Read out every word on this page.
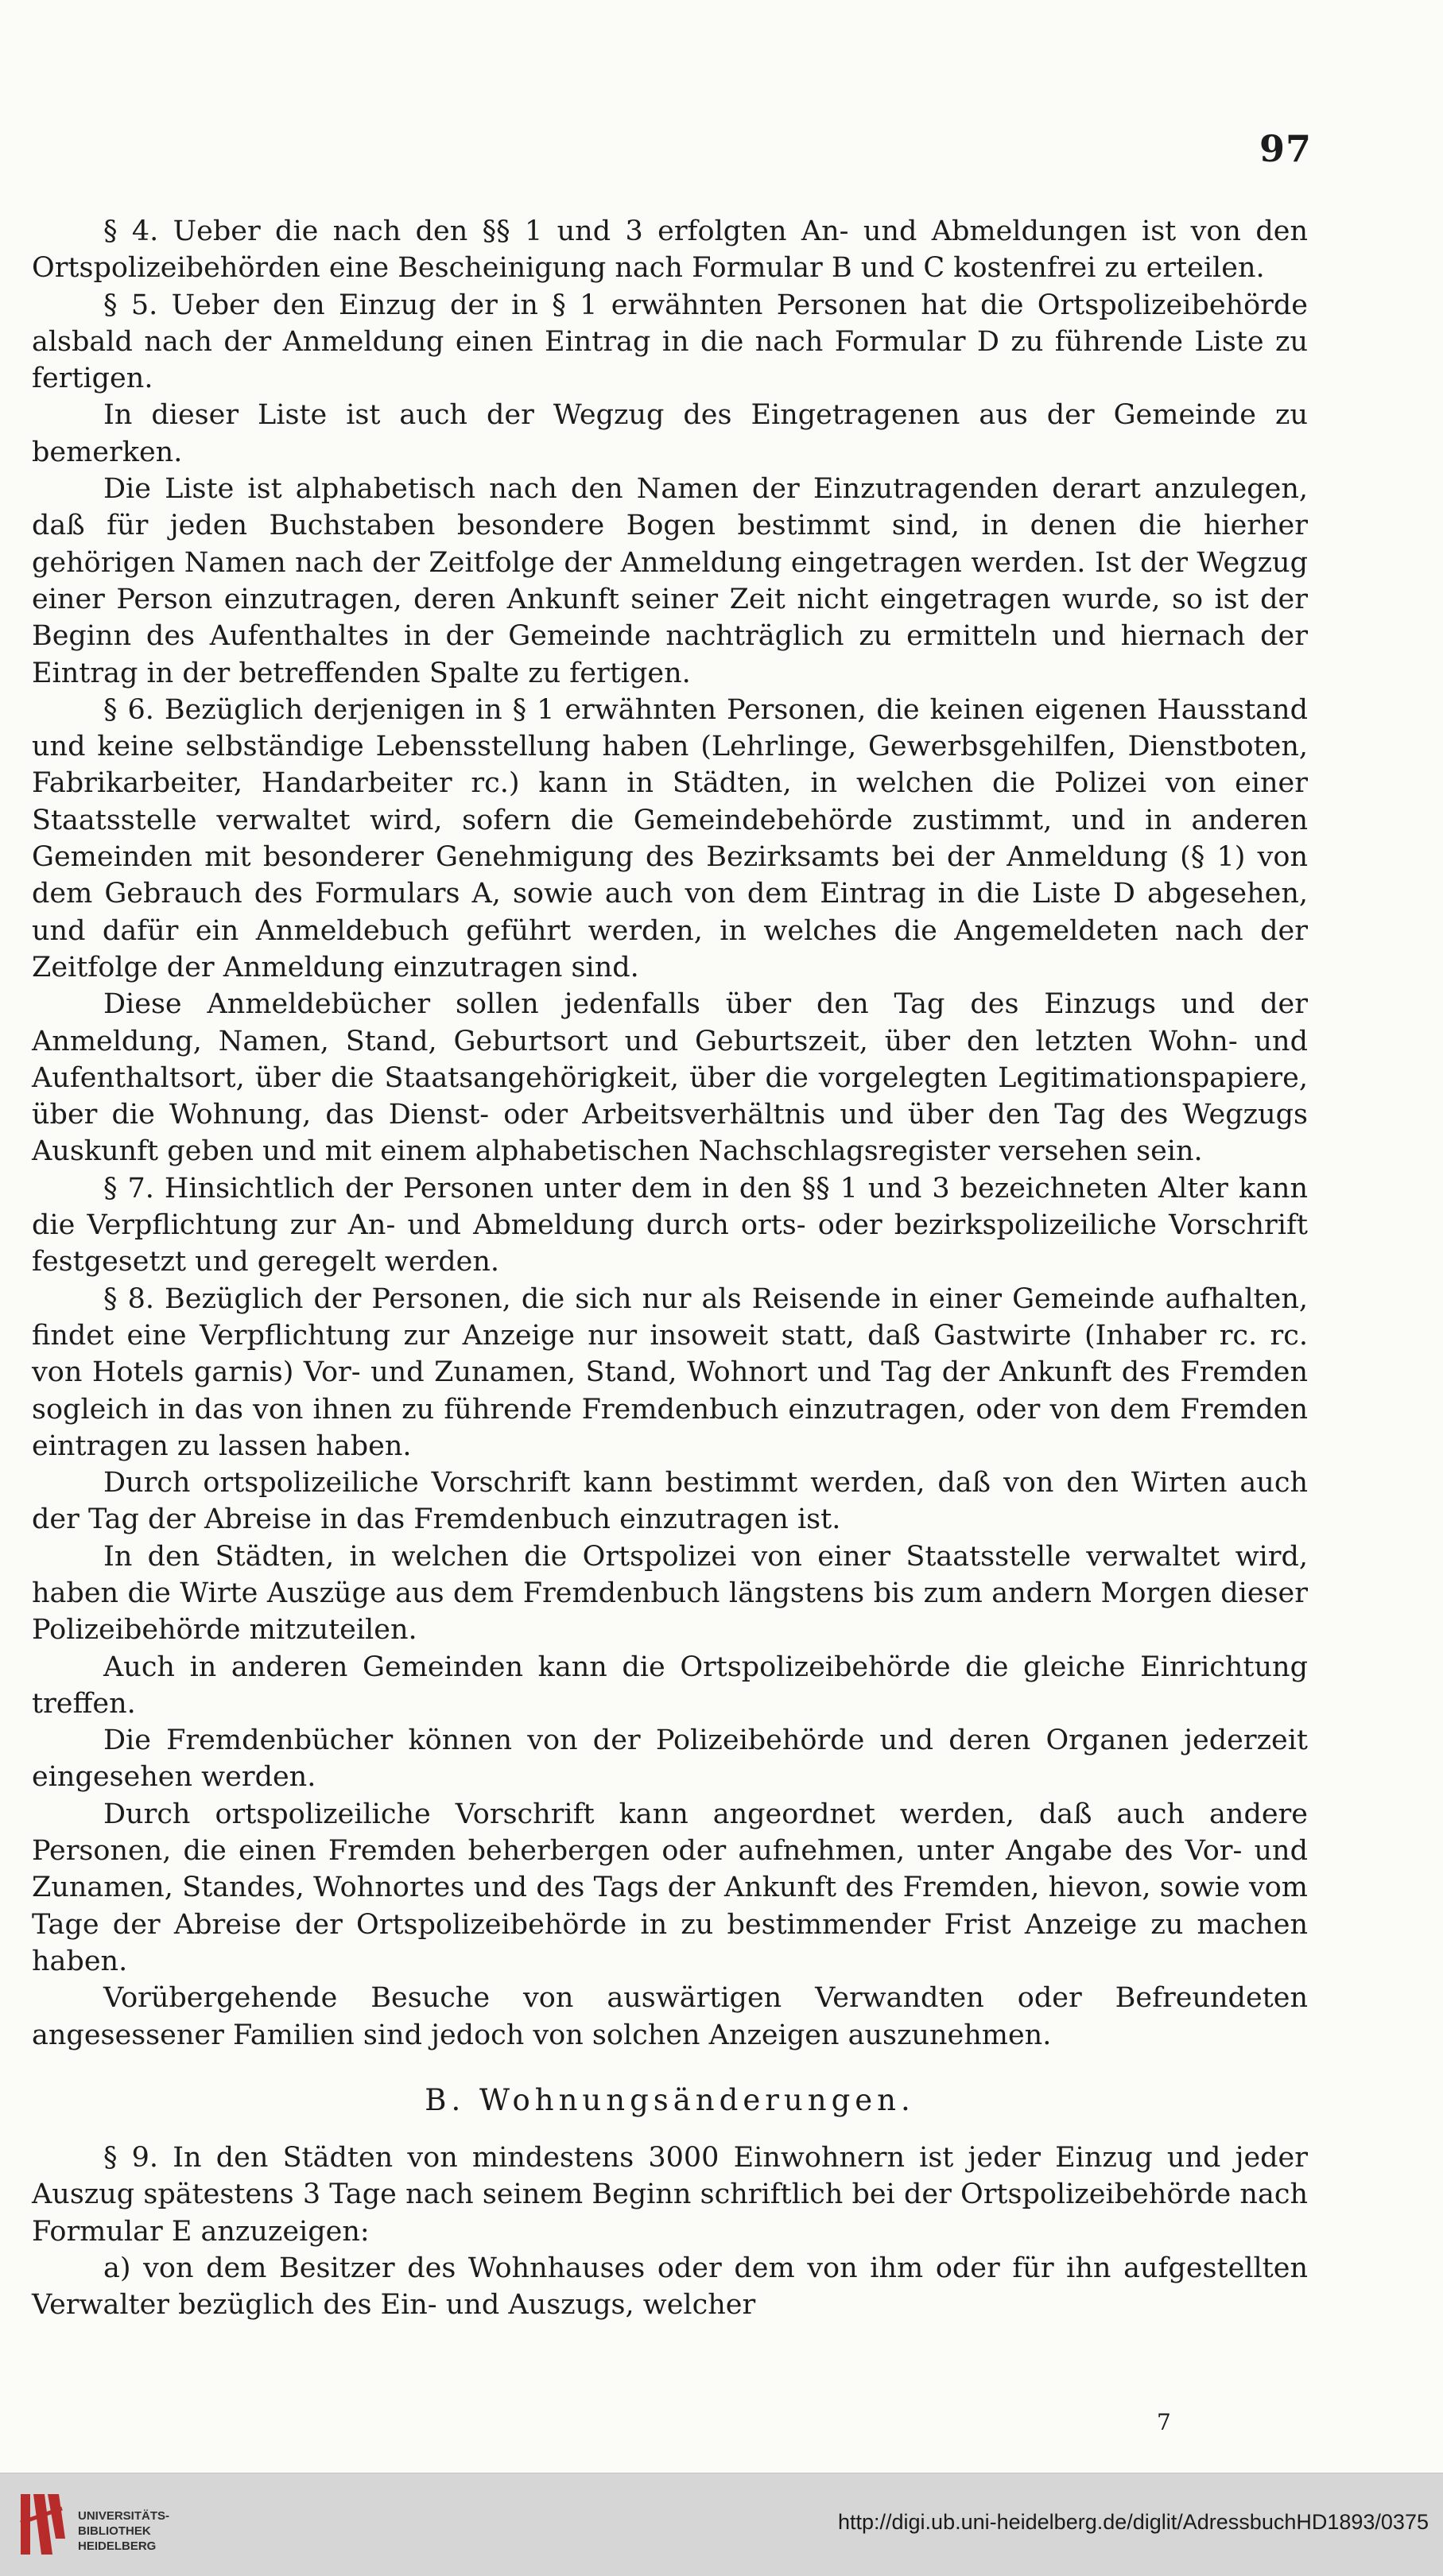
97

§ 4. Ueber die nach den §§ 1 und 3 erfolgten An- und Abmeldungen ist von den Ortspolizeibehörden eine Bescheinigung nach Formular B und C kostenfrei zu erteilen.

§ 5. Ueber den Einzug der in § 1 erwähnten Personen hat die Ortspolizeibehörde alsbald nach der Anmeldung einen Eintrag in die nach Formular D zu führende Liste zu fertigen.

In dieser Liste ist auch der Wegzug des Eingetragenen aus der Gemeinde zu bemerken.

Die Liste ist alphabetisch nach den Namen der Einzutragenden derart anzulegen, daß für jeden Buchstaben besondere Bogen bestimmt sind, in denen die hierher gehörigen Namen nach der Zeitfolge der Anmeldung eingetragen werden. Ist der Wegzug einer Person einzutragen, deren Ankunft seiner Zeit nicht eingetragen wurde, so ist der Beginn des Aufenthaltes in der Gemeinde nachträglich zu ermitteln und hiernach der Eintrag in der betreffenden Spalte zu fertigen.

§ 6. Bezüglich derjenigen in § 1 erwähnten Personen, die keinen eigenen Hausstand und keine selbständige Lebensstellung haben (Lehrlinge, Gewerbsgehilfen, Dienstboten, Fabrikarbeiter, Handarbeiter rc.) kann in Städten, in welchen die Polizei von einer Staatsstelle verwaltet wird, sofern die Gemeindebehörde zustimmt, und in anderen Gemeinden mit besonderer Genehmigung des Bezirksamts bei der Anmeldung (§ 1) von dem Gebrauch des Formulars A, sowie auch von dem Eintrag in die Liste D abgesehen, und dafür ein Anmeldebuch geführt werden, in welches die Angemeldeten nach der Zeitfolge der Anmeldung einzutragen sind.

Diese Anmeldebücher sollen jedenfalls über den Tag des Einzugs und der Anmeldung, Namen, Stand, Geburtsort und Geburtszeit, über den letzten Wohn- und Aufenthaltsort, über die Staatsangehörigkeit, über die vorgelegten Legitimationspapiere, über die Wohnung, das Dienst- oder Arbeitsverhältnis und über den Tag des Wegzugs Auskunft geben und mit einem alphabetischen Nachschlagsregister versehen sein.

§ 7. Hinsichtlich der Personen unter dem in den §§ 1 und 3 bezeichneten Alter kann die Verpflichtung zur An- und Abmeldung durch orts- oder bezirkspolizeiliche Vorschrift festgesetzt und geregelt werden.

§ 8. Bezüglich der Personen, die sich nur als Reisende in einer Gemeinde aufhalten, findet eine Verpflichtung zur Anzeige nur insoweit statt, daß Gastwirte (Inhaber rc. rc. von Hotels garnis) Vor- und Zunamen, Stand, Wohnort und Tag der Ankunft des Fremden sogleich in das von ihnen zu führende Fremdenbuch einzutragen, oder von dem Fremden eintragen zu lassen haben.

Durch ortspolizeiliche Vorschrift kann bestimmt werden, daß von den Wirten auch der Tag der Abreise in das Fremdenbuch einzutragen ist.

In den Städten, in welchen die Ortspolizei von einer Staatsstelle verwaltet wird, haben die Wirte Auszüge aus dem Fremdenbuch längstens bis zum andern Morgen dieser Polizeibehörde mitzuteilen.

Auch in anderen Gemeinden kann die Ortspolizeibehörde die gleiche Einrichtung treffen.

Die Fremdenbücher können von der Polizeibehörde und deren Organen jederzeit eingesehen werden.

Durch ortspolizeiliche Vorschrift kann angeordnet werden, daß auch andere Personen, die einen Fremden beherbergen oder aufnehmen, unter Angabe des Vor- und Zunamen, Standes, Wohnortes und des Tags der Ankunft des Fremden, hievon, sowie vom Tage der Abreise der Ortspolizeibehörde in zu bestimmender Frist Anzeige zu machen haben.

Vorübergehende Besuche von auswärtigen Verwandten oder Befreundeten angesessener Familien sind jedoch von solchen Anzeigen auszunehmen.

B. Wohnungsänderungen.

§ 9. In den Städten von mindestens 3000 Einwohnern ist jeder Einzug und jeder Auszug spätestens 3 Tage nach seinem Beginn schriftlich bei der Ortspolizeibehörde nach Formular E anzuzeigen:

a) von dem Besitzer des Wohnhauses oder dem von ihm oder für ihn aufgestellten Verwalter bezüglich des Ein- und Auszugs, welcher

7
UNIVERSITÄTS-
BIBLIOTHEK
HEIDELBERG
http://digi.ub.uni-heidelberg.de/diglit/AdressbuchHD1893/0375
